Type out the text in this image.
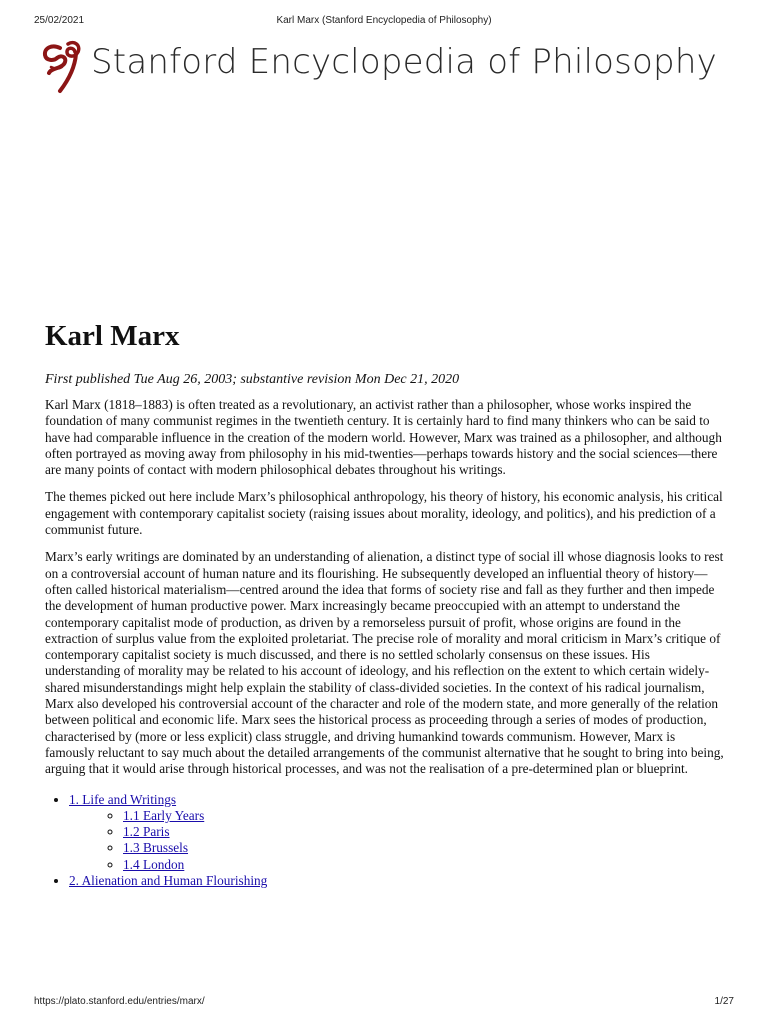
25/02/2021	Karl Marx (Stanford Encyclopedia of Philosophy)
Stanford Encyclopedia of Philosophy
Karl Marx
First published Tue Aug 26, 2003; substantive revision Mon Dec 21, 2020

Karl Marx (1818–1883) is often treated as a revolutionary, an activist rather than a philosopher, whose works inspired the foundation of many communist regimes in the twentieth century. It is certainly hard to find many thinkers who can be said to have had comparable influence in the creation of the modern world. However, Marx was trained as a philosopher, and although often portrayed as moving away from philosophy in his mid-twenties—perhaps towards history and the social sciences—there are many points of contact with modern philosophical debates throughout his writings.

The themes picked out here include Marx’s philosophical anthropology, his theory of history, his economic analysis, his critical engagement with contemporary capitalist society (raising issues about morality, ideology, and politics), and his prediction of a communist future.

Marx’s early writings are dominated by an understanding of alienation, a distinct type of social ill whose diagnosis looks to rest on a controversial account of human nature and its flourishing. He subsequently developed an influential theory of history—often called historical materialism—centred around the idea that forms of society rise and fall as they further and then impede the development of human productive power. Marx increasingly became preoccupied with an attempt to understand the contemporary capitalist mode of production, as driven by a remorseless pursuit of profit, whose origins are found in the extraction of surplus value from the exploited proletariat. The precise role of morality and moral criticism in Marx’s critique of contemporary capitalist society is much discussed, and there is no settled scholarly consensus on these issues. His understanding of morality may be related to his account of ideology, and his reflection on the extent to which certain widely-shared misunderstandings might help explain the stability of class-divided societies. In the context of his radical journalism, Marx also developed his controversial account of the character and role of the modern state, and more generally of the relation between political and economic life. Marx sees the historical process as proceeding through a series of modes of production, characterised by (more or less explicit) class struggle, and driving humankind towards communism. However, Marx is famously reluctant to say much about the detailed arrangements of the communist alternative that he sought to bring into being, arguing that it would arise through historical processes, and was not the realisation of a pre-determined plan or blueprint.

• 1. Life and Writings
◦ 1.1 Early Years
◦ 1.2 Paris
◦ 1.3 Brussels
◦ 1.4 London
• 2. Alienation and Human Flourishing
https://plato.stanford.edu/entries/marx/	1/27
